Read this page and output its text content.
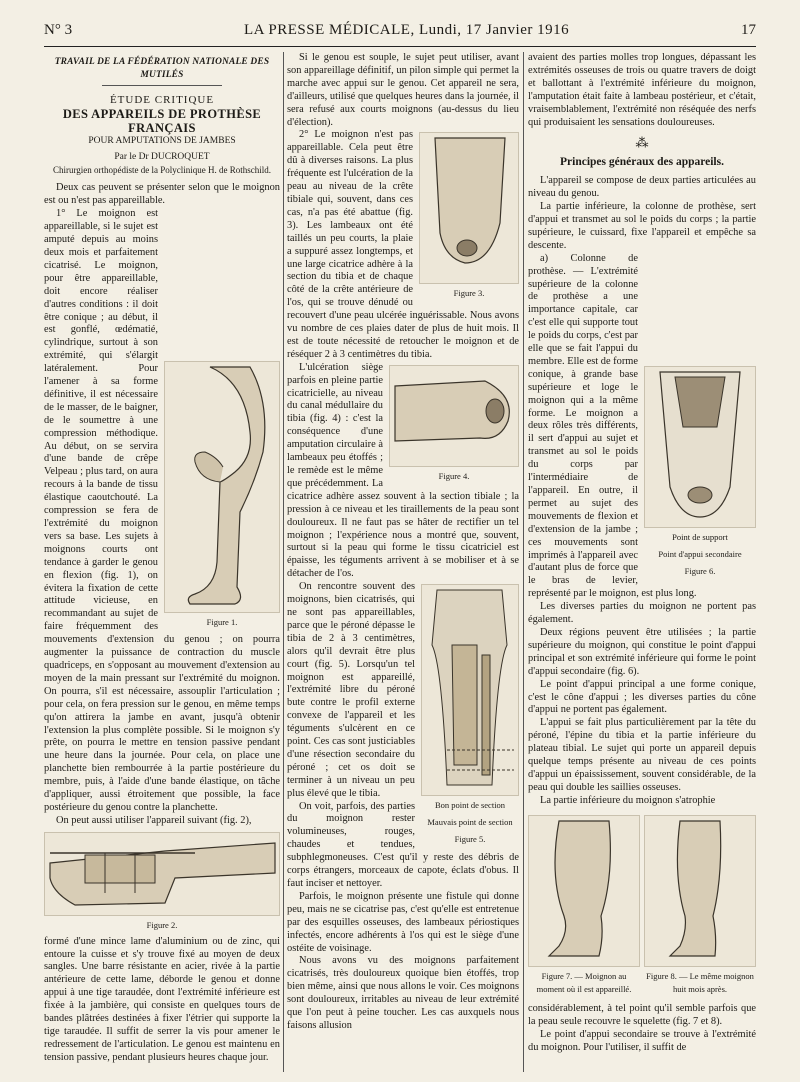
N° 3	LA PRESSE MÉDICALE, Lundi, 17 Janvier 1916	17
TRAVAIL DE LA FÉDÉRATION NATIONALE DES MUTILÉS

ÉTUDE CRITIQUE

DES APPAREILS DE PROTHÈSE FRANÇAIS

POUR AMPUTATIONS DE JAMBES

Par le Dr DUCROQUET

Chirurgien orthopédiste de la Polyclinique H. de Rothschild.

Deux cas peuvent se présenter selon que le moignon est ou n'est pas appareillable.

Figure 1.

1° Le moignon est appareillable, si le sujet est amputé depuis au moins deux mois et parfaitement cicatrisé. Le moignon, pour être appareillable, doit encore réaliser d'autres conditions : il doit être conique ; au début, il est gonflé, œdématié, cylindrique, surtout à son extrémité, qui s'élargit latéralement. Pour l'amener à sa forme définitive, il est nécessaire de le masser, de le baigner, de le soumettre à une compression méthodique. Au début, on se servira d'une bande de crêpe Velpeau ; plus tard, on aura recours à la bande de tissu élastique caoutchouté. La compression se fera de l'extrémité du moignon vers sa base. Les sujets à moignons courts ont tendance à garder le genou en flexion (fig. 1), on évitera la fixation de cette attitude vicieuse, en recommandant au sujet de faire fréquemment des mouvements d'extension du genou ; on pourra augmenter la puissance de contraction du muscle quadriceps, en s'opposant au mouvement d'extension au moyen de la main pressant sur l'extrémité du moignon. On pourra, s'il est nécessaire, assouplir l'articulation ; pour cela, on fera pression sur le genou, en même temps qu'on attirera la jambe en avant, jusqu'à obtenir l'extension la plus complète possible. Si le moignon s'y prête, on pourra le mettre en tension passive pendant une heure dans la journée. Pour cela, on place une planchette bien rembourrée à la partie postérieure du membre, puis, à l'aide d'une bande élastique, on tâche d'appliquer, aussi étroitement que possible, la face postérieure du genou contre la planchette.

On peut aussi utiliser l'appareil suivant (fig. 2),

Figure 2.

formé d'une mince lame d'aluminium ou de zinc, qui entoure la cuisse et s'y trouve fixé au moyen de deux sangles. Une barre résistante en acier, rivée à la partie antérieure de cette lame, déborde le genou et donne appui à une tige taraudée, dont l'extrémité inférieure est fixée à la jambière, qui consiste en quelques tours de bandes plâtrées destinées à fixer l'étrier qui supporte la tige taraudée. Il suffit de serrer la vis pour amener le redressement de l'articulation. Le genou est maintenu en tension passive, pendant plusieurs heures chaque jour.

Si le genou est souple, le sujet peut utiliser, avant son appareillage définitif, un pilon simple qui permet la marche avec appui sur le genou. Cet appareil ne sera, d'ailleurs, utilisé que quelques heures dans la journée, il sera refusé aux courts moignons (au-dessus du lieu d'élection).

Figure 3.

2° Le moignon n'est pas appareillable. Cela peut être dû à diverses raisons. La plus fréquente est l'ulcération de la peau au niveau de la crête tibiale qui, souvent, dans ces cas, n'a pas été abattue (fig. 3). Les lambeaux ont été taillés un peu courts, la plaie a suppuré assez longtemps, et une large cicatrice adhère à la section du tibia et de chaque côté de la crête antérieure de l'os, qui se trouve dénudé ou recouvert d'une peau ulcérée inguérissable. Nous avons vu nombre de ces plaies dater de plus de huit mois. Il est de toute nécessité de retoucher le moignon et de réséquer 2 à 3 centimètres du tibia.

Figure 4.

L'ulcération siège parfois en pleine partie cicatricielle, au niveau du canal médullaire du tibia (fig. 4) : c'est la conséquence d'une amputation circulaire à lambeaux peu étoffés ; le remède est le même que précédemment. La cicatrice adhère assez souvent à la section tibiale ; la pression à ce niveau et les tiraillements de la peau sont douloureux. Il ne faut pas se hâter de rectifier un tel moignon ; l'expérience nous a montré que, souvent, surtout si la peau qui forme le tissu cicatriciel est épaisse, les téguments arrivent à se mobiliser et à se détacher de l'os.

Bon point de section
Mauvais point de section
Figure 5.

On rencontre souvent des moignons, bien cicatrisés, qui ne sont pas appareillables, parce que le péroné dépasse le tibia de 2 à 3 centimètres, alors qu'il devrait être plus court (fig. 5). Lorsqu'un tel moignon est appareillé, l'extrémité libre du péroné bute contre le profil externe convexe de l'appareil et les téguments s'ulcèrent en ce point. Ces cas sont justiciables d'une résection secondaire du péroné ; cet os doit se terminer à un niveau un peu plus élevé que le tibia.

On voit, parfois, des parties du moignon rester volumineuses, rouges, chaudes et tendues, subphlegmoneuses. C'est qu'il y reste des débris de corps étrangers, morceaux de capote, éclats d'obus. Il faut inciser et nettoyer.

Parfois, le moignon présente une fistule qui donne peu, mais ne se cicatrise pas, c'est qu'elle est entretenue par des esquilles osseuses, des lambeaux périostiques infectés, encore adhérents à l'os qui est le siège d'une ostéite de voisinage.

Nous avons vu des moignons parfaitement cicatrisés, très douloureux quoique bien étoffés, trop bien même, ainsi que nous allons le voir. Ces moignons sont douloureux, irritables au niveau de leur extrémité que l'on peut à peine toucher. Les cas auxquels nous faisons allusion

avaient des parties molles trop longues, dépassant les extrémités osseuses de trois ou quatre travers de doigt et ballottant à l'extrémité inférieure du moignon, l'amputation était faite à lambeau postérieur, et c'était, vraisemblablement, l'extrémité non réséquée des nerfs qui produisaient les sensations douloureuses.

⁂
Principes généraux des appareils.

L'appareil se compose de deux parties articulées au niveau du genou.

La partie inférieure, la colonne de prothèse, sert d'appui et transmet au sol le poids du corps ; la partie supérieure, le cuissard, fixe l'appareil et empêche sa descente.

Point de support
Point d'appui secondaire
Figure 6.

a) Colonne de prothèse. — L'extrémité supérieure de la colonne de prothèse a une importance capitale, car c'est elle qui supporte tout le poids du corps, c'est par elle que se fait l'appui du membre. Elle est de forme conique, à grande base supérieure et loge le moignon qui a la même forme. Le moignon a deux rôles très différents, il sert d'appui au sujet et transmet au sol le poids du corps par l'intermédiaire de l'appareil. En outre, il permet au sujet des mouvements de flexion et d'extension de la jambe ; ces mouvements sont imprimés à l'appareil avec d'autant plus de force que le bras de levier, représenté par le moignon, est plus long.

Les diverses parties du moignon ne portent pas également.

Deux régions peuvent être utilisées ; la partie supérieure du moignon, qui constitue le point d'appui principal et son extrémité inférieure qui forme le point d'appui secondaire (fig. 6).

Le point d'appui principal a une forme conique, c'est le cône d'appui ; les diverses parties du cône d'appui ne portent pas également.

L'appui se fait plus particulièrement par la tête du péroné, l'épine du tibia et la partie inférieure du plateau tibial. Le sujet qui porte un appareil depuis quelque temps présente au niveau de ces points d'appui un épaississement, souvent considérable, de la peau qui double les saillies osseuses.

La partie inférieure du moignon s'atrophie

Figure 7. — Moignon au moment où il est appareillé.
Figure 8. — Le même moignon huit mois après.

considérablement, à tel point qu'il semble parfois que la peau seule recouvre le squelette (fig. 7 et 8).

Le point d'appui secondaire se trouve à l'extrémité du moignon. Pour l'utiliser, il suffit de
